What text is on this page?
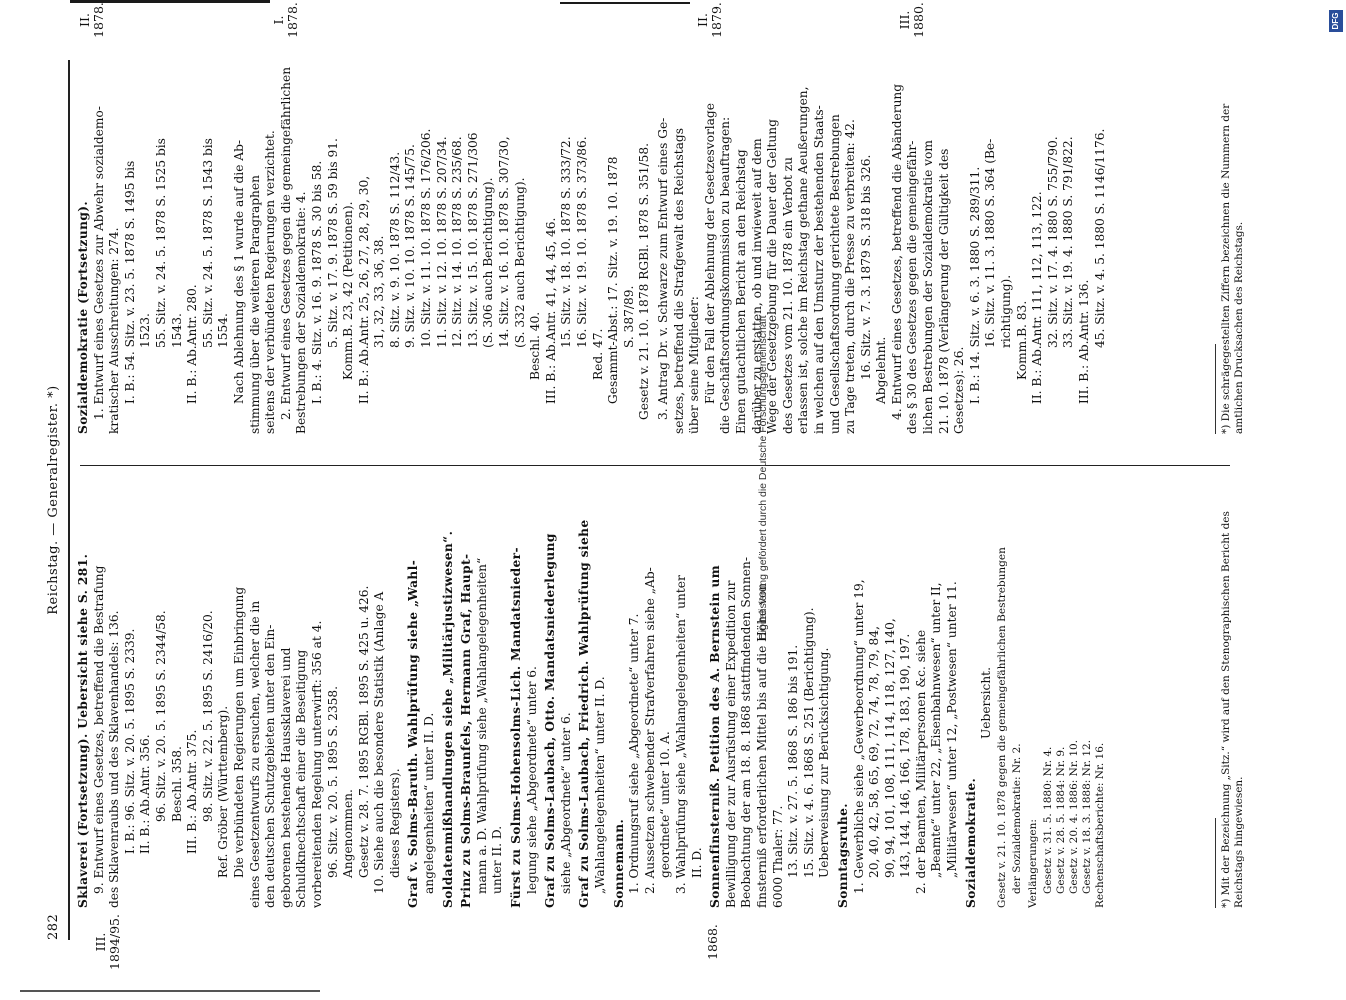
282
Reichstag. — Generalregister. *)
III.
1894/95.	1868.
Sklaverei (Fortsetzung). Uebersicht siehe S. 281. 9. Entwurf eines Gesetzes, betreffend die Bestrafung des Sklavenraubs und des Sklavenhandels: 136. I. B.: 96. Sitz. v. 20. 5. 1895 S. 2339. II. B.: Ab.Antr. 356. 96. Sitz. v. 20. 5. 1895 S. 2344/58. Beschl. 358. III. B.: Ab.Antr. 375. 98. Sitz. v. 22. 5. 1895 S. 2416/20. Ref. Gröber (Württemberg). Die verbündeten Regierungen um Einbringung eines Gesetzentwurfs zu ersuchen, welcher die in den deutschen Schutzgebieten unter den Ein- geborenen bestehende Haussklaverei und Schuldknechtschaft einer die Beseitigung vorbereitenden Regelung unterwirft: 356 at 4. 96. Sitz. v. 20. 5. 1895 S. 2358. Angenommen. Gesetz v. 28. 7. 1895 RGBl. 1895 S. 425 u. 426. 10. Siehe auch die besondere Statistik (Anlage A dieses Registers). Graf v. Solms-Baruth. Wahlprüfung siehe „Wahl- angelegenheiten“ unter II. D. Soldatenmißhandlungen siehe „Militärjustizwesen“. Prinz zu Solms-Braunfels, Hermann Graf, Haupt- mann a. D. Wahlprüfung siehe „Wahlangelegenheiten“ unter II. D. Fürst zu Solms-Hohensolms-Lich. Mandatsnieder- legung siehe „Abgeordnete“ unter 6. Graf zu Solms-Laubach, Otto. Mandatsniederlegung siehe „Abgeordnete“ unter 6. Graf zu Solms-Laubach, Friedrich. Wahlprüfung siehe „Wahlangelegenheiten“ unter II. D. Sonnemann. 1. Ordnungsruf siehe „Abgeordnete“ unter 7. 2. Aussetzen schwebender Strafverfahren siehe „Ab- geordnete“ unter 10. A. 3. Wahlprüfung siehe „Wahlangelegenheiten“ unter II. D. Sonnenfinsterniß. Petition des A. Bernstein um Bewilligung der zur Ausrüstung einer Expedition zur Beobachtung der am 18. 8. 1868 stattfindenden Sonnen- finsterniß erforderlichen Mittel bis auf die Höhe von 6000 Thaler: 77. 13. Sitz. v. 27. 5. 1868 S. 186 bis 191. 15. Sitz. v. 4. 6. 1868 S. 251 (Berichtigung). Ueberweisung zur Berücksichtigung. Sonntagsruhe. 1. Gewerbliche siehe „Gewerbeordnung“ unter 19, 20, 40, 42, 58, 65, 69, 72, 74, 78, 79, 84, 90, 94, 101, 108, 111, 114, 118, 127, 140, 143, 144, 146, 166, 178, 183, 190, 197. 2. der Beamten, Militärpersonen &c. siehe „Beamte“ unter 22, „Eisenbahnwesen“ unter II, „Militärwesen“ unter 12, „Postwesen“ unter 11. Sozialdemokratie.
Uebersicht. Gesetz v. 21. 10. 1878 gegen die gemeingefährlichen Bestrebungen der Sozialdemokratie: Nr. 2. Verlängerungen: Gesetz v. 31. 5. 1880: Nr. 4. Gesetz v. 28. 5. 1884: Nr. 9. Gesetz v. 20. 4. 1886: Nr. 10. Gesetz v. 18. 3. 1888: Nr. 12. Rechenschaftsberichte: Nr. 16.	*) Mit der Bezeichnung „Sitz.“ wird auf den Stenographischen Bericht des Reichstags hingewiesen.
II.
1878.	I.
1878.	II.
1879.	III.
1880.
Sozialdemokratie (Fortsetzung). 1. Entwurf eines Gesetzes zur Abwehr sozialdemo- kratischer Ausschreitungen: 274. I. B.: 54. Sitz. v. 23. 5. 1878 S. 1495 bis 1523. 55. Sitz. v. 24. 5. 1878 S. 1525 bis 1543. II. B.: Ab.Antr. 280. 55. Sitz. v. 24. 5. 1878 S. 1543 bis 1554. Nach Ablehnung des § 1 wurde auf die Ab- stimmung über die weiteren Paragraphen seitens der verbündeten Regierungen verzichtet. 2. Entwurf eines Gesetzes gegen die gemeingefährlichen Bestrebungen der Sozialdemokratie: 4. I. B.: 4. Sitz. v. 16. 9. 1878 S. 30 bis 58. 5. Sitz. v. 17. 9. 1878 S. 59 bis 91. Komm.B. 23, 42 (Petitionen). II. B.: Ab.Antr. 25, 26, 27, 28, 29, 30, 31, 32, 33, 36, 38. 8. Sitz. v. 9. 10. 1878 S. 112/43. 9. Sitz. v. 10. 10. 1878 S. 145/75. 10. Sitz. v. 11. 10. 1878 S. 176/206. 11. Sitz. v. 12. 10. 1878 S. 207/34. 12. Sitz. v. 14. 10. 1878 S. 235/68. 13. Sitz. v. 15. 10. 1878 S. 271/306 (S. 306 auch Berichtigung). 14. Sitz. v. 16. 10. 1878 S. 307/30, (S. 332 auch Berichtigung). Beschl. 40. III. B.: Ab.Antr. 41, 44, 45, 46. 15. Sitz. v. 18. 10. 1878 S. 333/72. 16. Sitz. v. 19. 10. 1878 S. 373/86.
Red. 47. Gesammt-Abst.: 17. Sitz. v. 19. 10. 1878 S. 387/89. Gesetz v. 21. 10. 1878 RGBl. 1878 S. 351/58. 3. Antrag Dr. v. Schwarze zum Entwurf eines Ge- setzes, betreffend die Strafgewalt des Reichstags über seine Mitglieder: Für den Fall der Ablehnung der Gesetzesvorlage die Geschäftsordnungskommission zu beauftragen: Einen gutachtlichen Bericht an den Reichstag darüber zu erstatten, ob und inwieweit auf dem Wege der Gesetzgebung für die Dauer der Geltung des Gesetzes vom 21. 10. 1878 ein Verbot zu erlassen ist, solche im Reichstag gethane Aeußerungen, in welchen auf den Umsturz der bestehenden Staats- und Gesellschaftsordnung gerichtete Bestrebungen zu Tage treten, durch die Presse zu verbreiten: 42. 16. Sitz. v. 7. 3. 1879 S. 318 bis 326. Abgelehnt. 4. Entwurf eines Gesetzes, betreffend die Abänderung des § 30 des Gesetzes gegen die gemeingefähr- lichen Bestrebungen der Sozialdemokratie vom 21. 10. 1878 (Verlängerung der Gültigkeit des Gesetzes): 26. I. B.: 14. Sitz. v. 6. 3. 1880 S. 289/311. 16. Sitz. v. 11. 3. 1880 S. 364 (Be- richtigung). Komm.B. 83. II. B.: Ab.Antr. 111, 112, 113, 122. 32. Sitz. v. 17. 4. 1880 S. 755/790. 33. Sitz. v. 19. 4. 1880 S. 791/822. III. B.: Ab.Antr. 136. 45. Sitz. v. 4. 5. 1880 S. 1146/1176.	*) Die schrägegestellten Ziffern bezeichnen die Nummern der amtlichen Drucksachen des Reichstags.
DFG
Digitalisierung gefördert durch die Deutsche Forschungsgemeinschaft
